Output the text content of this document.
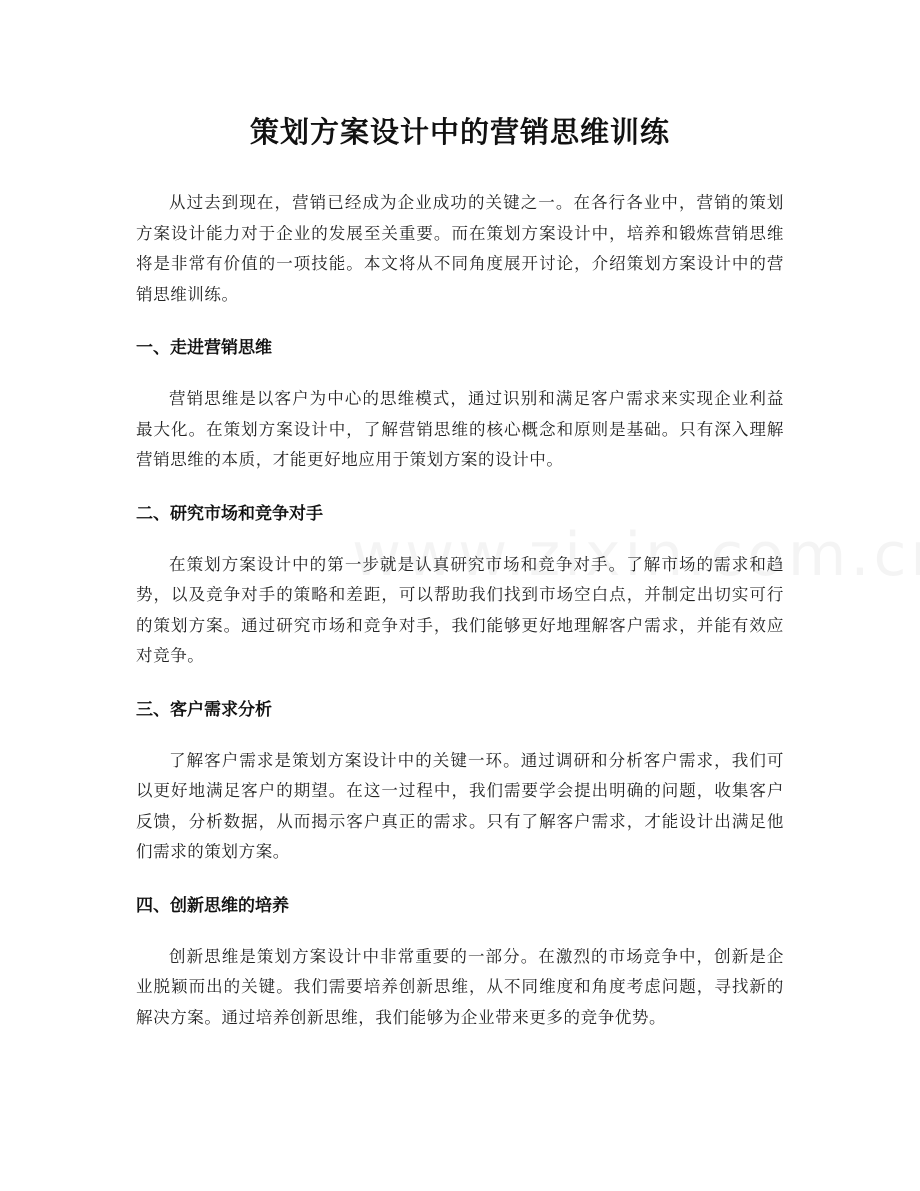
策划方案设计中的营销思维训练

从过去到现在，营销已经成为企业成功的关键之一。在各行各业中，营销的策划方案设计能力对于企业的发展至关重要。而在策划方案设计中，培养和锻炼营销思维将是非常有价值的一项技能。本文将从不同角度展开讨论，介绍策划方案设计中的营销思维训练。

一、走进营销思维

营销思维是以客户为中心的思维模式，通过识别和满足客户需求来实现企业利益最大化。在策划方案设计中，了解营销思维的核心概念和原则是基础。只有深入理解营销思维的本质，才能更好地应用于策划方案的设计中。

二、研究市场和竞争对手

在策划方案设计中的第一步就是认真研究市场和竞争对手。了解市场的需求和趋势，以及竞争对手的策略和差距，可以帮助我们找到市场空白点，并制定出切实可行的策划方案。通过研究市场和竞争对手，我们能够更好地理解客户需求，并能有效应对竞争。

三、客户需求分析

了解客户需求是策划方案设计中的关键一环。通过调研和分析客户需求，我们可以更好地满足客户的期望。在这一过程中，我们需要学会提出明确的问题，收集客户反馈，分析数据，从而揭示客户真正的需求。只有了解客户需求，才能设计出满足他们需求的策划方案。

四、创新思维的培养

创新思维是策划方案设计中非常重要的一部分。在激烈的市场竞争中，创新是企业脱颖而出的关键。我们需要培养创新思维，从不同维度和角度考虑问题，寻找新的解决方案。通过培养创新思维，我们能够为企业带来更多的竞争优势。
